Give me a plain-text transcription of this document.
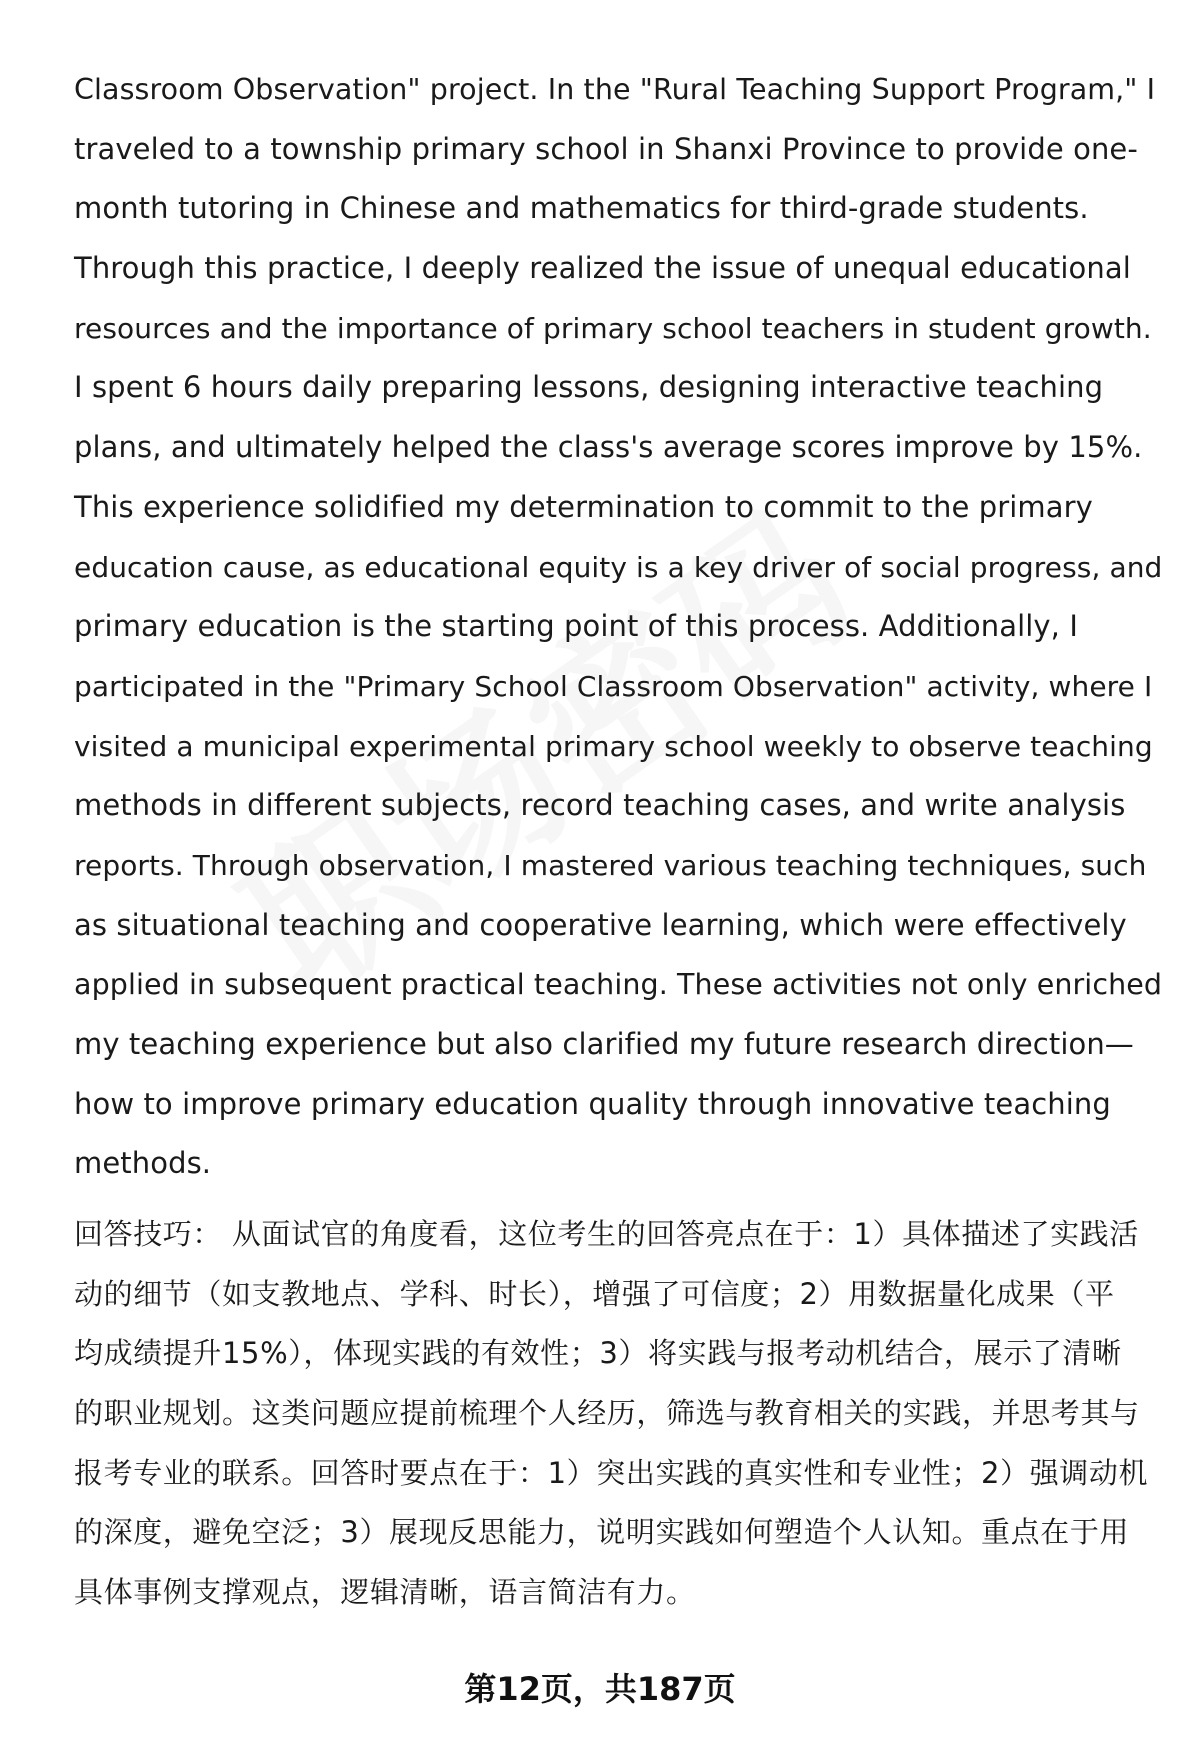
Classroom Observation" project. In the "Rural Teaching Support Program," I
traveled to a township primary school in Shanxi Province to provide one-
month tutoring in Chinese and mathematics for third-grade students.
Through this practice, I deeply realized the issue of unequal educational
resources and the importance of primary school teachers in student growth.
I spent 6 hours daily preparing lessons, designing interactive teaching
plans, and ultimately helped the class's average scores improve by 15%.
This experience solidified my determination to commit to the primary
education cause, as educational equity is a key driver of social progress, and
primary education is the starting point of this process. Additionally, I
participated in the "Primary School Classroom Observation" activity, where I
visited a municipal experimental primary school weekly to observe teaching
methods in different subjects, record teaching cases, and write analysis
reports. Through observation, I mastered various teaching techniques, such
as situational teaching and cooperative learning, which were effectively
applied in subsequent practical teaching. These activities not only enriched
my teaching experience but also clarified my future research direction—
how to improve primary education quality through innovative teaching
methods.
回答技巧： 从面试官的角度看，这位考生的回答亮点在于：1）具体描述了实践活
动的细节（如支教地点、学科、时长），增强了可信度；2）用数据量化成果（平
均成绩提升15%），体现实践的有效性；3）将实践与报考动机结合，展示了清晰
的职业规划。这类问题应提前梳理个人经历，筛选与教育相关的实践，并思考其与
报考专业的联系。回答时要点在于：1）突出实践的真实性和专业性；2）强调动机
的深度，避免空泛；3）展现反思能力，说明实践如何塑造个人认知。重点在于用
具体事例支撑观点，逻辑清晰，语言简洁有力。
第12页，共187页
